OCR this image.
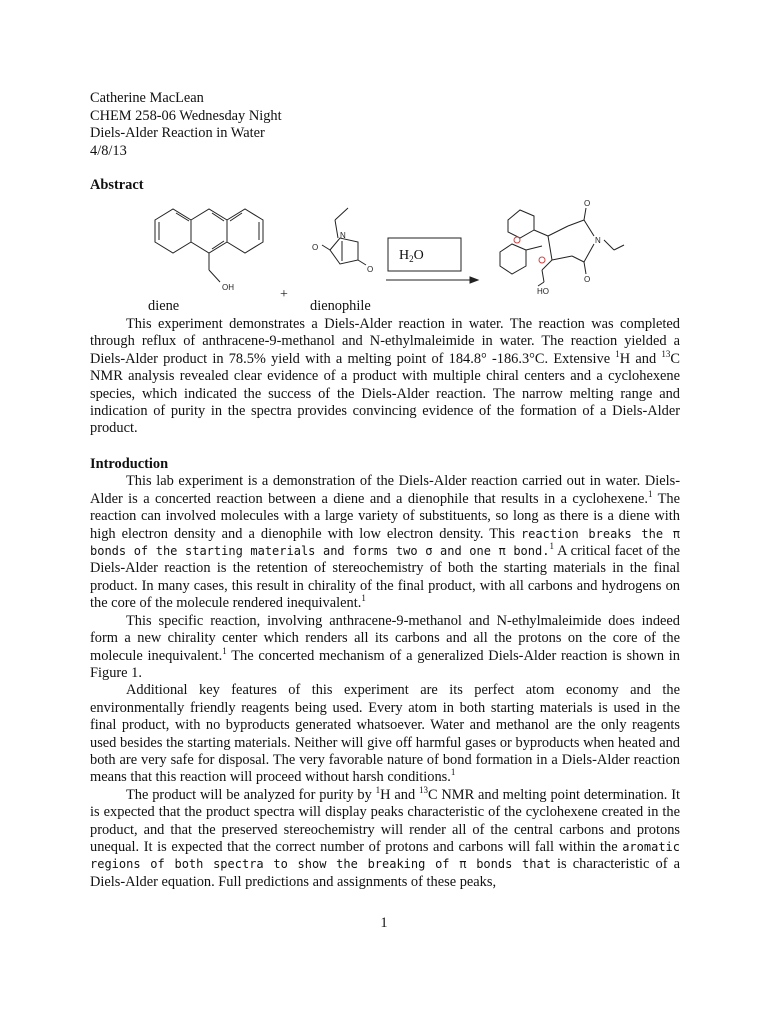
Catherine MacLean
CHEM 258-06 Wednesday Night
Diels-Alder Reaction in Water
4/8/13
Abstract
OH
O
O
O
N
O
HO
N
$H_2O$
+
diene	dienophile

This experiment demonstrates a Diels-Alder reaction in water. The reaction was completed through reflux of anthracene-9-methanol and N-ethylmaleimide in water. The reaction yielded a Diels-Alder product in 78.5% yield with a melting point of 184.8° -186.3°C. Extensive $^1$H and $^{13}$C NMR analysis revealed clear evidence of a product with multiple chiral centers and a cyclohexene species, which indicated the success of the Diels-Alder reaction. The narrow melting range and indication of purity in the spectra provides convincing evidence of the formation of a Diels-Alder product.

Introduction

This lab experiment is a demonstration of the Diels-Alder reaction carried out in water. Diels-Alder is a concerted reaction between a diene and a dienophile that results in a cyclohexene.$^1$ The reaction can involved molecules with a large variety of substituents, so long as there is a diene with high electron density and a dienophile with low electron density. This reaction breaks the π bonds of the starting materials and forms two σ and one π bond.$^1$ A critical facet of the Diels-Alder reaction is the retention of stereochemistry of both the starting materials in the final product. In many cases, this result in chirality of the final product, with all carbons and hydrogens on the core of the molecule rendered inequivalent.$^1$

This specific reaction, involving anthracene-9-methanol and N-ethylmaleimide does indeed form a new chirality center which renders all its carbons and all the protons on the core of the molecule inequivalent.$^1$ The concerted mechanism of a generalized Diels-Alder reaction is shown in Figure 1.

Additional key features of this experiment are its perfect atom economy and the environmentally friendly reagents being used. Every atom in both starting materials is used in the final product, with no byproducts generated whatsoever. Water and methanol are the only reagents used besides the starting materials. Neither will give off harmful gases or byproducts when heated and both are very safe for disposal. The very favorable nature of bond formation in a Diels-Alder reaction means that this reaction will proceed without harsh conditions.$^1$

The product will be analyzed for purity by $^1$H and $^{13}$C NMR and melting point determination. It is expected that the product spectra will display peaks characteristic of the cyclohexene created in the product, and that the preserved stereochemistry will render all of the central carbons and protons unequal. It is expected that the correct number of protons and carbons will fall within the aromatic regions of both spectra to show the breaking of π bonds that is characteristic of a Diels-Alder equation. Full predictions and assignments of these peaks,

1
